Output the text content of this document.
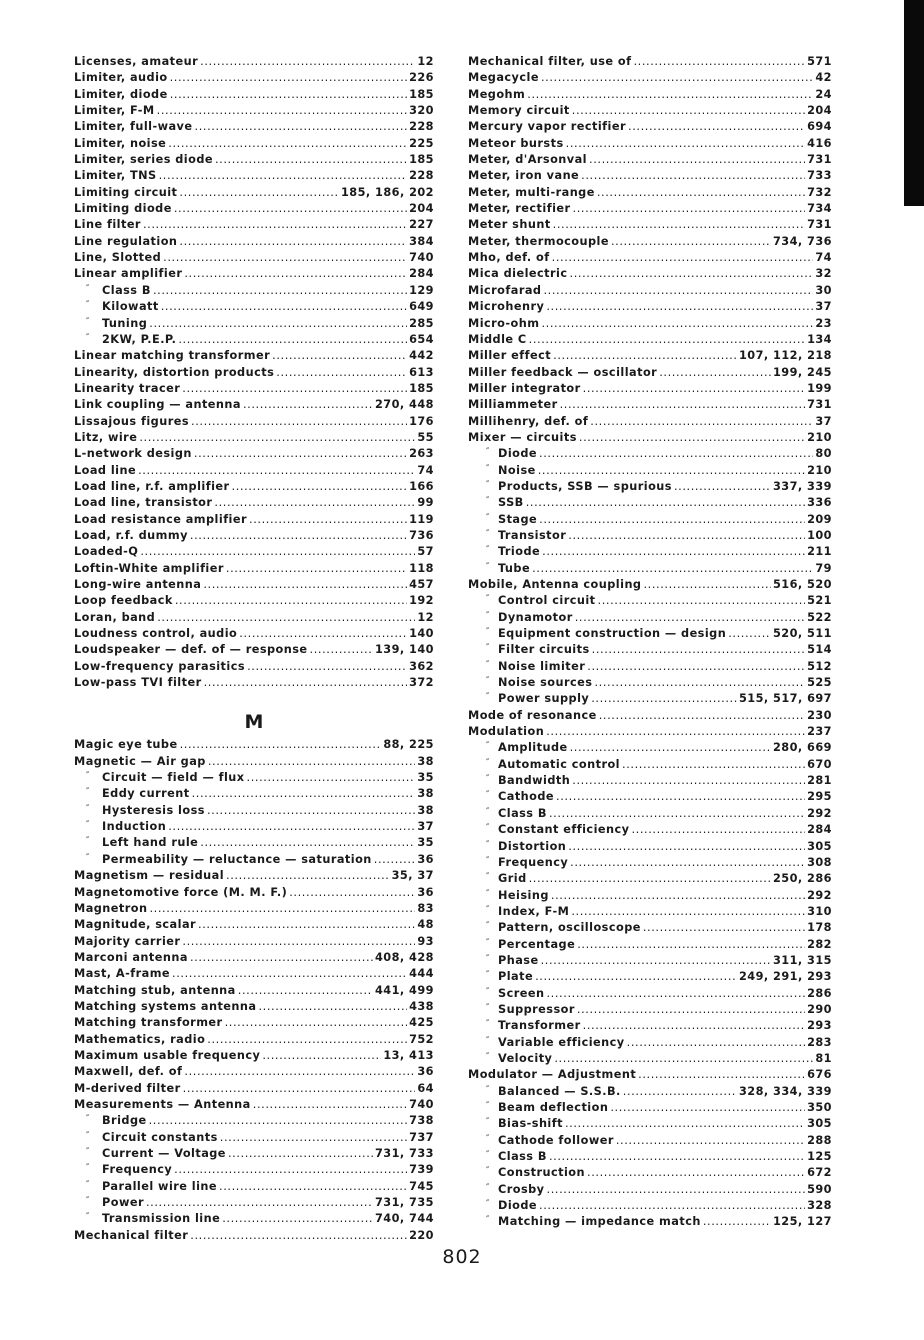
Licenses, amateur .....	12
Limiter, audio .....	226
Limiter, diode .....	185
Limiter, F-M .....	320
Limiter, full-wave .....	228
Limiter, noise .....	225
Limiter, series diode .....	185
Limiter, TNS .....	228
Limiting circuit .....	185, 186, 202
Limiting diode .....	204
Line filter .....	227
Line regulation .....	384
Line, Slotted .....	740
Linear amplifier .....	284
″ Class B .....	129
″ Kilowatt .....	649
″ Tuning .....	285
″ 2KW, P.E.P. .....	654
Linear matching transformer .....	442
Linearity, distortion products .....	613
Linearity tracer .....	185
Link coupling — antenna .....	270, 448
Lissajous figures .....	176
Litz, wire .....	55
L-network design .....	263
Load line .....	74
Load line, r.f. amplifier .....	166
Load line, transistor .....	99
Load resistance amplifier .....	119
Load, r.f. dummy .....	736
Loaded-Q .....	57
Loftin-White amplifier .....	118
Long-wire antenna .....	457
Loop feedback .....	192
Loran, band .....	12
Loudness control, audio .....	140
Loudspeaker — def. of — response .....	139, 140
Low-frequency parasitics .....	362
Low-pass TVI filter .....	372
M
Magic eye tube .....	88, 225
Magnetic — Air gap .....	38
″ Circuit — field — flux .....	35
″ Eddy current .....	38
″ Hysteresis loss .....	38
″ Induction .....	37
″ Left hand rule .....	35
″ Permeability — reluctance — saturation .....	36
Magnetism — residual .....	35, 37
Magnetomotive force (M. M. F.) .....	36
Magnetron .....	83
Magnitude, scalar .....	48
Majority carrier .....	93
Marconi antenna .....	408, 428
Mast, A-frame .....	444
Matching stub, antenna .....	441, 499
Matching systems antenna .....	438
Matching transformer .....	425
Mathematics, radio .....	752
Maximum usable frequency .....	13, 413
Maxwell, def. of .....	36
M-derived filter .....	64
Measurements — Antenna .....	740
″ Bridge .....	738
″ Circuit constants .....	737
″ Current — Voltage .....	731, 733
″ Frequency .....	739
″ Parallel wire line .....	745
″ Power .....	731, 735
″ Transmission line .....	740, 744
Mechanical filter .....	220
Mechanical filter, use of .....	571
Megacycle .....	42
Megohm .....	24
Memory circuit .....	204
Mercury vapor rectifier .....	694
Meteor bursts .....	416
Meter, d'Arsonval .....	731
Meter, iron vane .....	733
Meter, multi-range .....	732
Meter, rectifier .....	734
Meter shunt .....	731
Meter, thermocouple .....	734, 736
Mho, def. of .....	74
Mica dielectric .....	32
Microfarad .....	30
Microhenry .....	37
Micro-ohm .....	23
Middle C .....	134
Miller effect .....	107, 112, 218
Miller feedback — oscillator .....	199, 245
Miller integrator .....	199
Milliammeter .....	731
Millihenry, def. of .....	37
Mixer — circuits .....	210
″ Diode .....	80
″ Noise .....	210
″ Products, SSB — spurious .....	337, 339
″ SSB .....	336
″ Stage .....	209
″ Transistor .....	100
″ Triode .....	211
″ Tube .....	79
Mobile, Antenna coupling .....	516, 520
″ Control circuit .....	521
″ Dynamotor .....	522
″ Equipment construction — design .....	520, 511
″ Filter circuits .....	514
″ Noise limiter .....	512
″ Noise sources .....	525
″ Power supply .....	515, 517, 697
Mode of resonance .....	230
Modulation .....	237
″ Amplitude .....	280, 669
″ Automatic control .....	670
″ Bandwidth .....	281
″ Cathode .....	295
″ Class B .....	292
″ Constant efficiency .....	284
″ Distortion .....	305
″ Frequency .....	308
″ Grid .....	250, 286
″ Heising .....	292
″ Index, F-M .....	310
″ Pattern, oscilloscope .....	178
″ Percentage .....	282
″ Phase .....	311, 315
″ Plate .....	249, 291, 293
″ Screen .....	286
″ Suppressor .....	290
″ Transformer .....	293
″ Variable efficiency .....	283
″ Velocity .....	81
Modulator — Adjustment .....	676
″ Balanced — S.S.B. .....	328, 334, 339
″ Beam deflection .....	350
″ Bias-shift .....	305
″ Cathode follower .....	288
″ Class B .....	125
″ Construction .....	672
″ Crosby .....	590
″ Diode .....	328
″ Matching — impedance match .....	125, 127
802
